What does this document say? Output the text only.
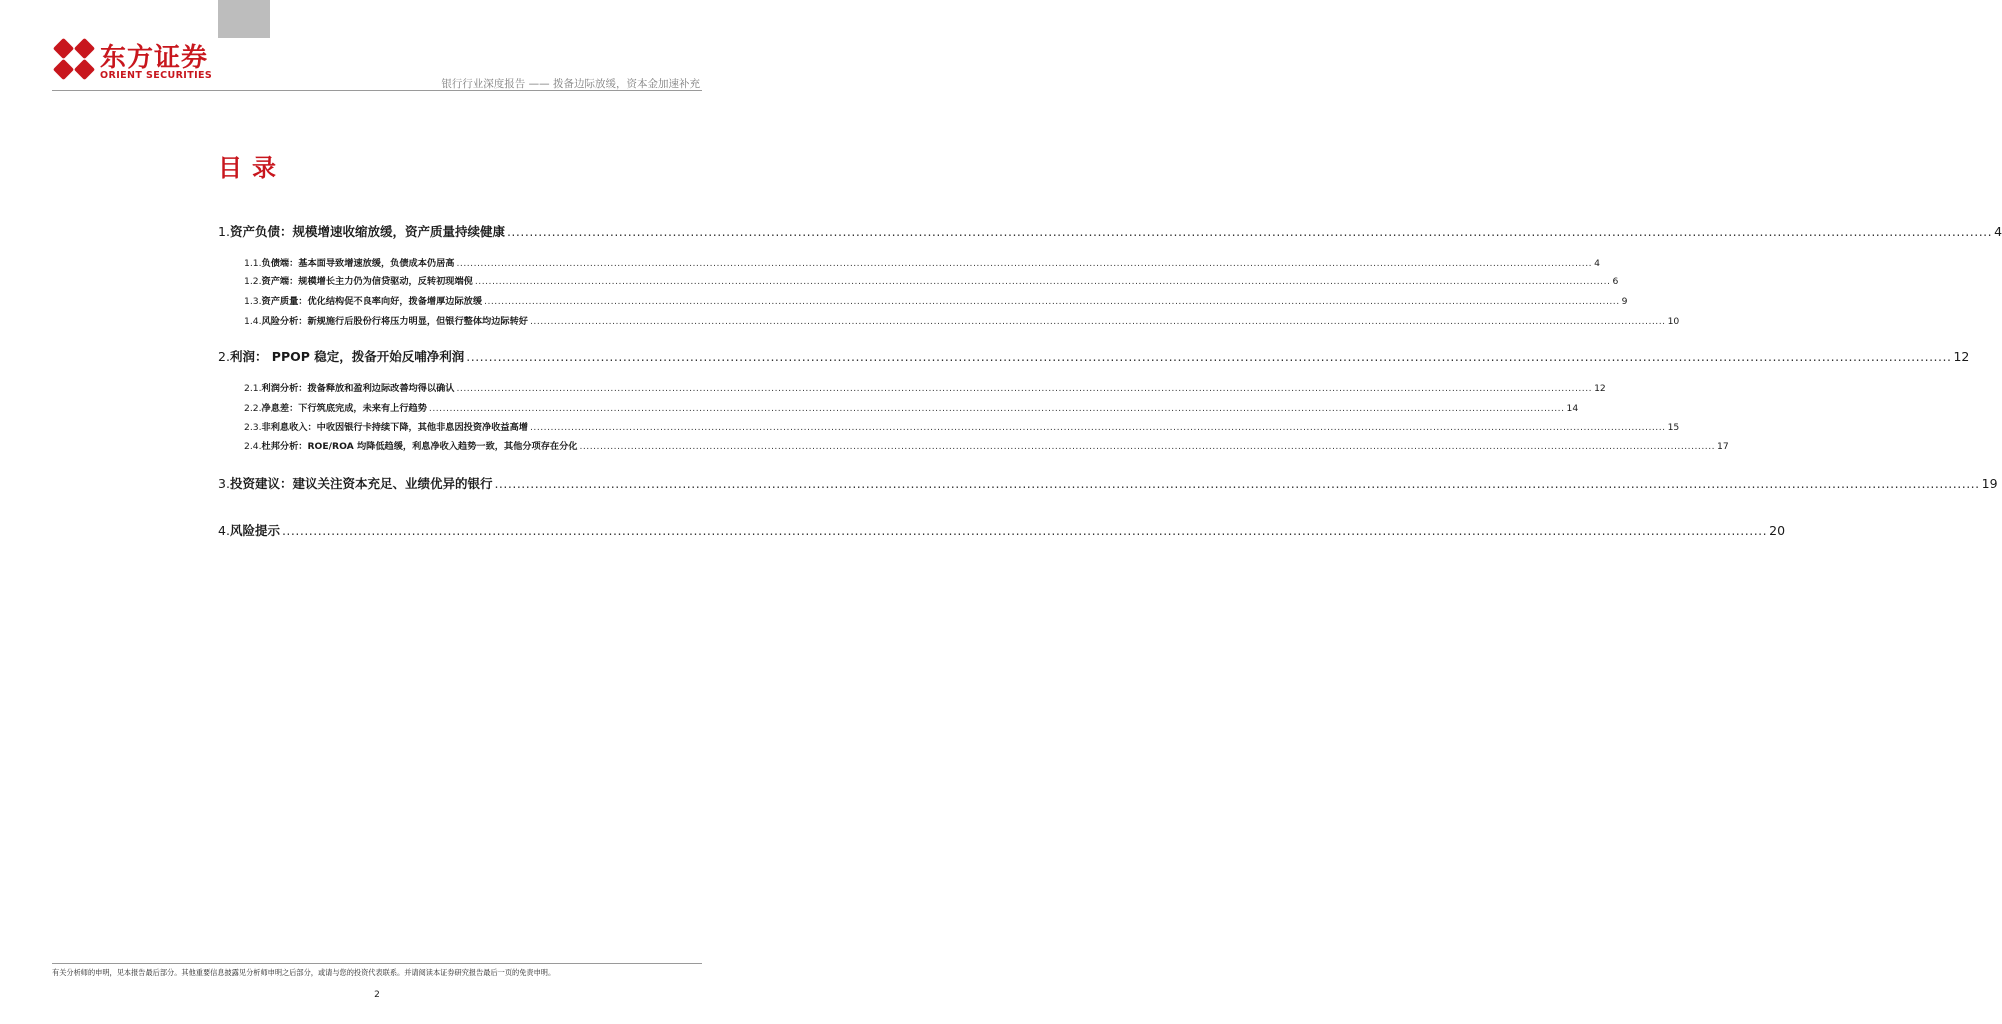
东方证券
ORIENT SECURITIES
银行行业深度报告 —— 拨备边际放缓，资本金加速补充
目录
1. 资产负债：规模增速收缩放缓，资产质量持续健康 .....	4
1.1. 负债端：基本面导致增速放缓，负债成本仍居高 .....	4
1.2. 资产端：规模增长主力仍为信贷驱动，反转初现端倪 .....	6
1.3. 资产质量：优化结构促不良率向好，拨备增厚边际放缓 .....	9
1.4. 风险分析：新规施行后股份行将压力明显，但银行整体均边际转好 .....	10
2. 利润： PPOP 稳定，拨备开始反哺净利润 .....	12
2.1. 利润分析：拨备释放和盈利边际改善均得以确认 .....	12
2.2. 净息差：下行筑底完成，未来有上行趋势 .....	14
2.3. 非利息收入：中收因银行卡持续下降，其他非息因投资净收益高增 .....	15
2.4. 杜邦分析：ROE/ROA 均降低趋缓，利息净收入趋势一致，其他分项存在分化 .....	17
3. 投资建议：建议关注资本充足、业绩优异的银行 .....	19
4. 风险提示 .....	20
有关分析师的申明，见本报告最后部分。其他重要信息披露见分析师申明之后部分，或请与您的投资代表联系。并请阅读本证券研究报告最后一页的免责申明。
2
